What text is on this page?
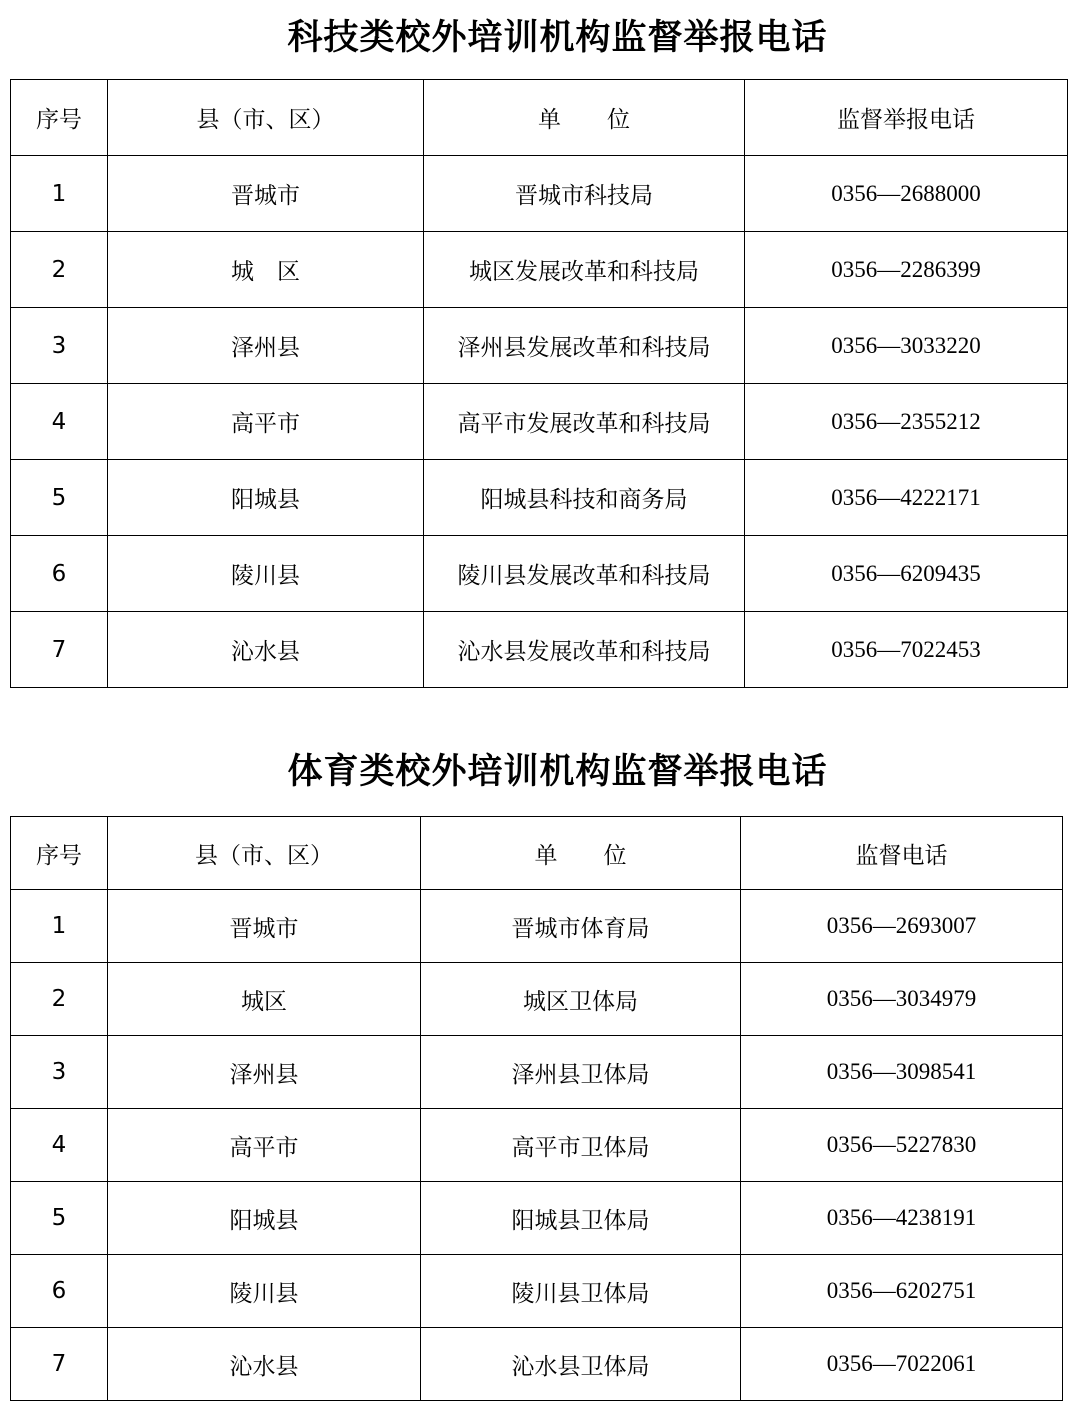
科技类校外培训机构监督举报电话
序号	县（市、区）	单　　位	监督举报电话
1	晋城市	晋城市科技局	0356—2688000
2	城　区	城区发展改革和科技局	0356—2286399
3	泽州县	泽州县发展改革和科技局	0356—3033220
4	高平市	高平市发展改革和科技局	0356—2355212
5	阳城县	阳城县科技和商务局	0356—4222171
6	陵川县	陵川县发展改革和科技局	0356—6209435
7	沁水县	沁水县发展改革和科技局	0356—7022453
体育类校外培训机构监督举报电话
序号	县（市、区）	单　　位	监督电话
1	晋城市	晋城市体育局	0356—2693007
2	城区	城区卫体局	0356—3034979
3	泽州县	泽州县卫体局	0356—3098541
4	高平市	高平市卫体局	0356—5227830
5	阳城县	阳城县卫体局	0356—4238191
6	陵川县	陵川县卫体局	0356—6202751
7	沁水县	沁水县卫体局	0356—7022061
